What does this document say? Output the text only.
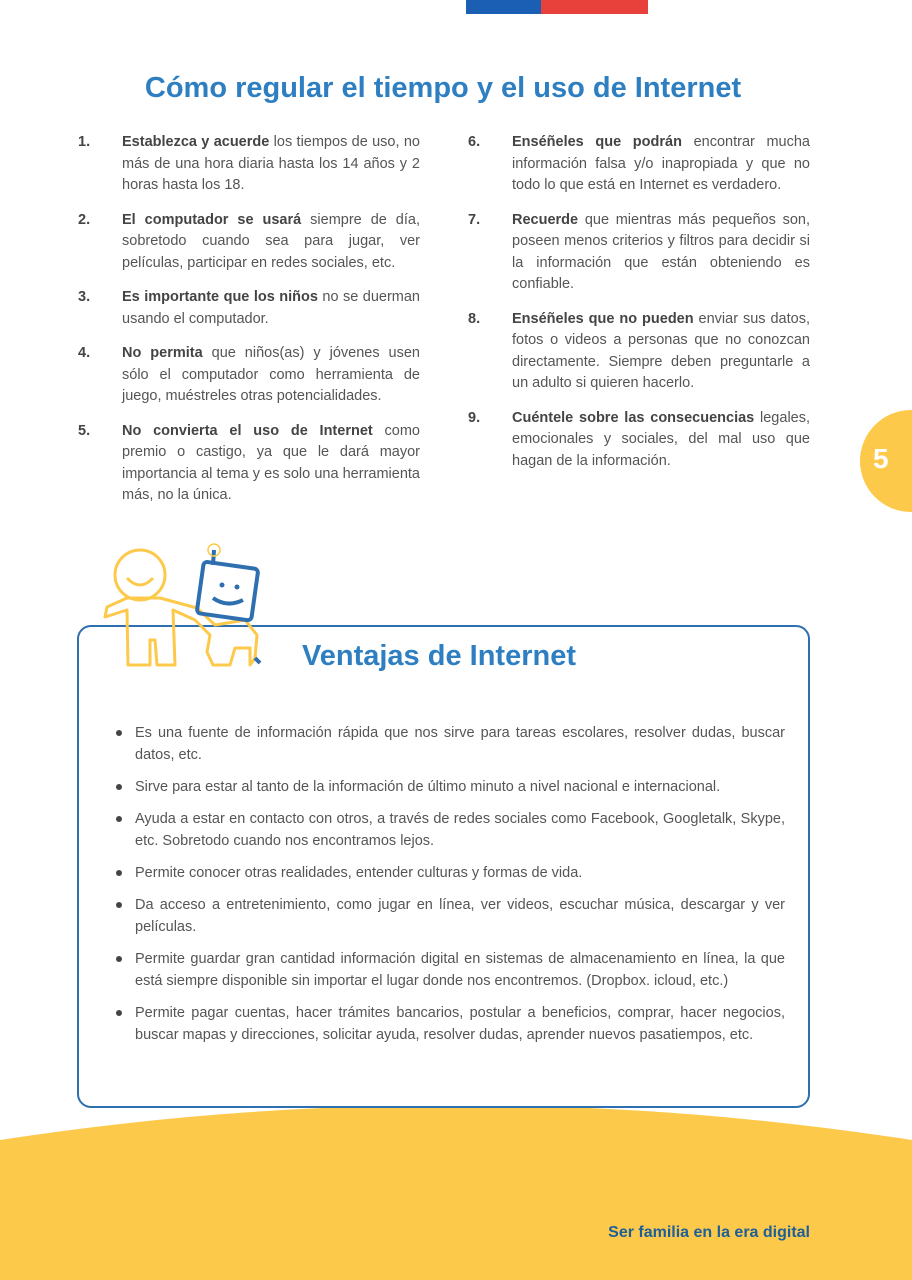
Cómo regular el tiempo y el uso de Internet
1.	Establezca y acuerde los tiempos de uso, no más de una hora diaria hasta los 14 años y 2 horas hasta los 18.
2.	El computador se usará siempre de día, sobretodo cuando sea para jugar, ver películas, participar en redes sociales, etc.
3.	Es importante que los niños no se duerman usando el computador.
4.	No permita que niños(as) y jóvenes usen sólo el computador como herramienta de juego, muéstreles otras potencialidades.
5.	No convierta el uso de Internet como premio o castigo, ya que le dará mayor importancia al tema y es solo una herramienta más, no la única.
6.	Enséñeles que podrán encontrar mucha información falsa y/o inapropiada y que no todo lo que está en Internet es verdadero.
7.	Recuerde que mientras más pequeños son, poseen menos criterios y filtros para decidir si la información que están obteniendo es confiable.
8.	Enséñeles que no pueden enviar sus datos, fotos o videos a personas que no conozcan directamente. Siempre deben preguntarle a un adulto si quieren hacerlo.
9.	Cuéntele sobre las consecuencias legales, emocionales y sociales, del mal uso que hagan de la información.	5
Ventajas de Internet
Es una fuente de información rápida que nos sirve para tareas escolares, resolver dudas, buscar datos, etc.
Sirve para estar al tanto de la información de último minuto a nivel nacional e internacional.
Ayuda a estar en contacto con otros, a través de redes sociales como Facebook, Googletalk, Skype, etc. Sobretodo cuando nos encontramos lejos.
Permite conocer otras realidades, entender culturas y formas de vida.
Da acceso a entretenimiento, como jugar en línea, ver videos, escuchar música, descargar y ver películas.
Permite guardar gran cantidad información digital en sistemas de almacenamiento en línea, la que está siempre disponible sin importar el lugar donde nos encontremos. (Dropbox. icloud, etc.)
Permite pagar cuentas, hacer trámites bancarios, postular a beneficios, comprar, hacer negocios, buscar mapas y direcciones, solicitar ayuda, resolver dudas, aprender nuevos pasatiempos, etc.
Ser familia en la era digital
